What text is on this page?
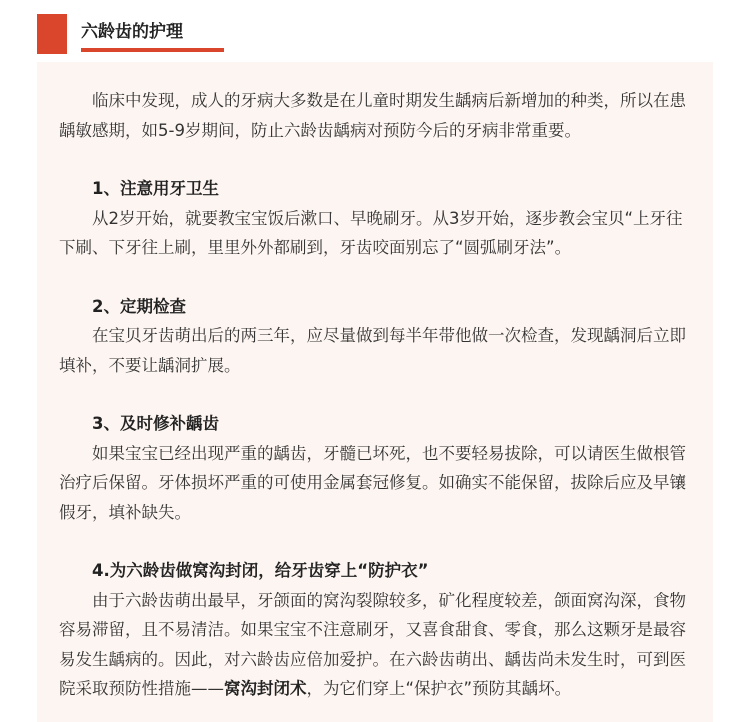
六龄齿的护理

临床中发现，成人的牙病大多数是在儿童时期发生龋病后新增加的种类，所以在患龋敏感期，如5-9岁期间，防止六龄齿龋病对预防今后的牙病非常重要。

1、注意用牙卫生

从2岁开始，就要教宝宝饭后漱口、早晚刷牙。从3岁开始，逐步教会宝贝“上牙往下刷、下牙往上刷，里里外外都刷到，牙齿咬面别忘了“圆弧刷牙法”。

2、定期检查

在宝贝牙齿萌出后的两三年，应尽量做到每半年带他做一次检查，发现龋洞后立即填补，不要让龋洞扩展。

3、及时修补龋齿

如果宝宝已经出现严重的龋齿，牙髓已坏死，也不要轻易拔除，可以请医生做根管治疗后保留。牙体损坏严重的可使用金属套冠修复。如确实不能保留，拔除后应及早镶假牙，填补缺失。

4.为六龄齿做窝沟封闭，给牙齿穿上“防护衣”

由于六龄齿萌出最早，牙颌面的窝沟裂隙较多，矿化程度较差，颌面窝沟深，食物容易滞留，且不易清洁。如果宝宝不注意刷牙，又喜食甜食、零食，那么这颗牙是最容易发生龋病的。因此，对六龄齿应倍加爱护。在六龄齿萌出、龋齿尚未发生时，可到医院采取预防性措施——窝沟封闭术，为它们穿上“保护衣”预防其龋坏。
